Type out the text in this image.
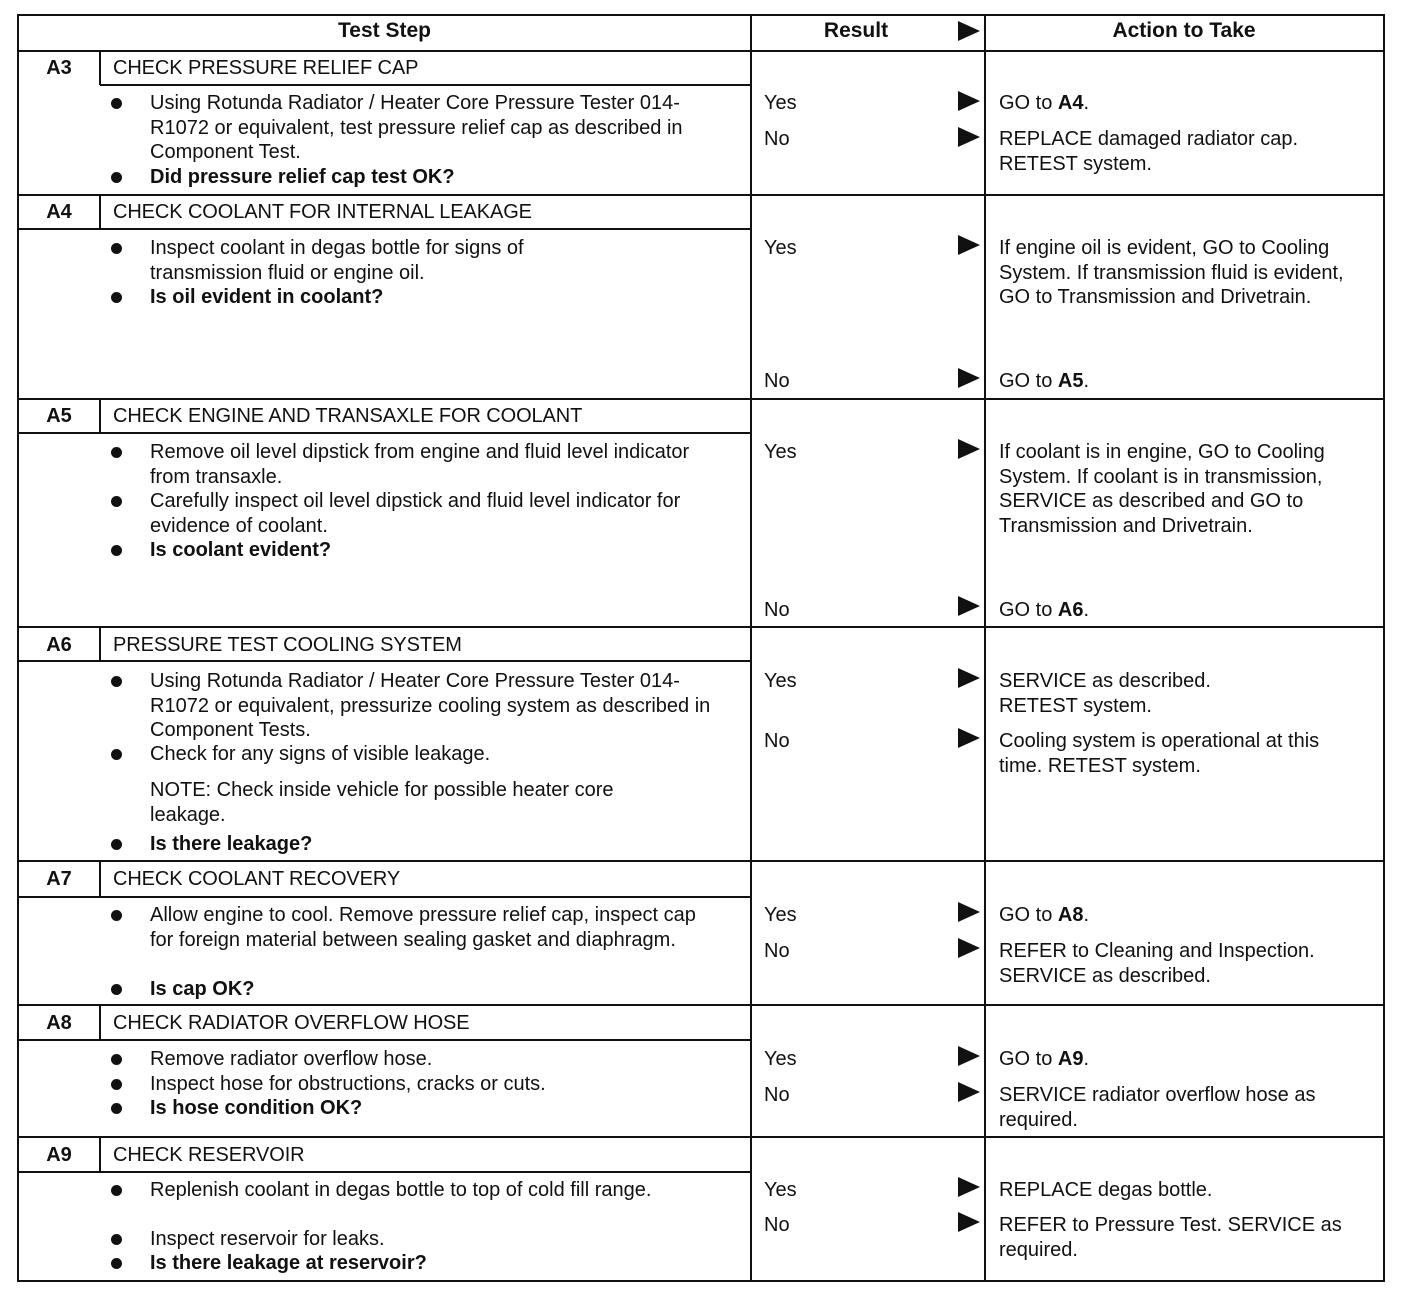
Test Step	Result	Action to Take
A3	CHECK PRESSURE RELIEF CAP
Using Rotunda Radiator / Heater Core Pressure Tester 014-R1072 or equivalent, test pressure relief cap as described in Component Test.
Did pressure relief cap test OK?
Yes	GO to A4.
No	REPLACE damaged radiator cap. RETEST system.
A4	CHECK COOLANT FOR INTERNAL LEAKAGE
Inspect coolant in degas bottle for signs of transmission fluid or engine oil.
Is oil evident in coolant?
Yes	If engine oil is evident, GO to Cooling System. If transmission fluid is evident, GO to Transmission and Drivetrain.
No	GO to A5.
A5	CHECK ENGINE AND TRANSAXLE FOR COOLANT
Remove oil level dipstick from engine and fluid level indicator from transaxle.
Carefully inspect oil level dipstick and fluid level indicator for evidence of coolant.
Is coolant evident?
Yes	If coolant is in engine, GO to Cooling System. If coolant is in transmission, SERVICE as described and GO to Transmission and Drivetrain.
No	GO to A6.
A6	PRESSURE TEST COOLING SYSTEM
Using Rotunda Radiator / Heater Core Pressure Tester 014-R1072 or equivalent, pressurize cooling system as described in Component Tests.
Check for any signs of visible leakage.
NOTE: Check inside vehicle for possible heater core leakage.
Is there leakage?
Yes	SERVICE as described. RETEST system.
No	Cooling system is operational at this time. RETEST system.
A7	CHECK COOLANT RECOVERY
Allow engine to cool. Remove pressure relief cap, inspect cap for foreign material between sealing gasket and diaphragm.
Is cap OK?
Yes	GO to A8.
No	REFER to Cleaning and Inspection. SERVICE as described.
A8	CHECK RADIATOR OVERFLOW HOSE
Remove radiator overflow hose.
Inspect hose for obstructions, cracks or cuts.
Is hose condition OK?
Yes	GO to A9.
No	SERVICE radiator overflow hose as required.
A9	CHECK RESERVOIR
Replenish coolant in degas bottle to top of cold fill range.
Inspect reservoir for leaks.
Is there leakage at reservoir?
Yes	REPLACE degas bottle.
No	REFER to Pressure Test. SERVICE as required.
